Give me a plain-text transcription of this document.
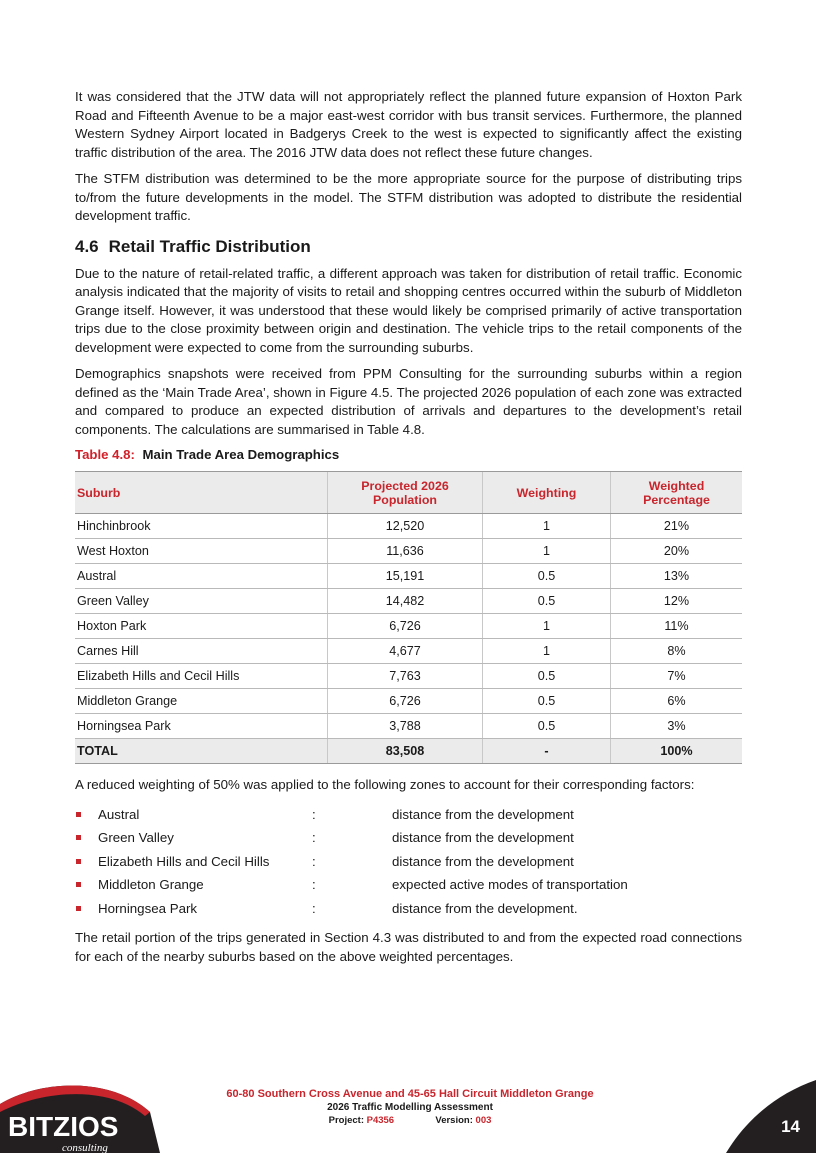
It was considered that the JTW data will not appropriately reflect the planned future expansion of Hoxton Park Road and Fifteenth Avenue to be a major east-west corridor with bus transit services. Furthermore, the planned Western Sydney Airport located in Badgerys Creek to the west is expected to significantly affect the existing traffic distribution of the area. The 2016 JTW data does not reflect these future changes.

The STFM distribution was determined to be the more appropriate source for the purpose of distributing trips to/from the future developments in the model. The STFM distribution was adopted to distribute the residential development traffic.

4.6 Retail Traffic Distribution

Due to the nature of retail-related traffic, a different approach was taken for distribution of retail traffic. Economic analysis indicated that the majority of visits to retail and shopping centres occurred within the suburb of Middleton Grange itself. However, it was understood that these would likely be comprised primarily of active transportation trips due to the close proximity between origin and destination. The vehicle trips to the retail components of the development were expected to come from the surrounding suburbs.

Demographics snapshots were received from PPM Consulting for the surrounding suburbs within a region defined as the ‘Main Trade Area’, shown in Figure 4.5. The projected 2026 population of each zone was extracted and compared to produce an expected distribution of arrivals and departures to the development’s retail components. The calculations are summarised in Table 4.8.

Table 4.8: Main Trade Area Demographics
Suburb	Projected 2026 Population	Weighting	Weighted Percentage
Hinchinbrook	12,520	1	21%
West Hoxton	11,636	1	20%
Austral	15,191	0.5	13%
Green Valley	14,482	0.5	12%
Hoxton Park	6,726	1	11%
Carnes Hill	4,677	1	8%
Elizabeth Hills and Cecil Hills	7,763	0.5	7%
Middleton Grange	6,726	0.5	6%
Horningsea Park	3,788	0.5	3%
TOTAL	83,508	-	100%

A reduced weighting of 50% was applied to the following zones to account for their corresponding factors:

Austral	:	distance from the development
Green Valley	:	distance from the development
Elizabeth Hills and Cecil Hills	:	distance from the development
Middleton Grange	:	expected active modes of transportation
Horningsea Park	:	distance from the development.

The retail portion of the trips generated in Section 4.3 was distributed to and from the expected road connections for each of the nearby suburbs based on the above weighted percentages.

BITZIOS
consulting
60-80 Southern Cross Avenue and 45-65 Hall Circuit Middleton Grange
2026 Traffic Modelling Assessment
Project: P4356	Version: 003	14
